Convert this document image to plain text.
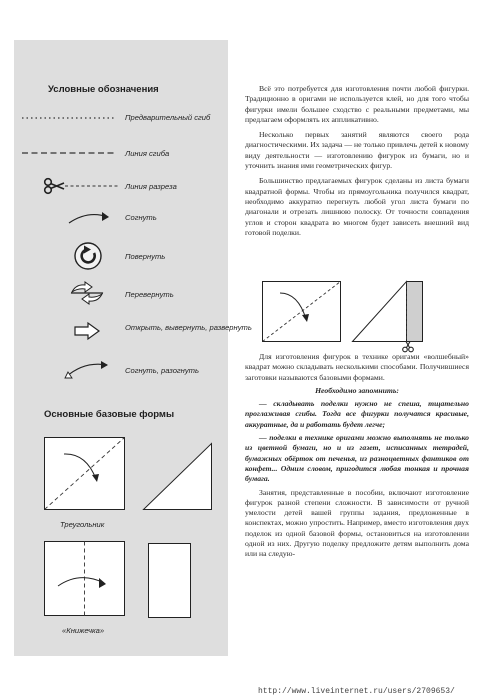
Условные обозначения
Предварительный сгиб
Линия сгиба
Линия разреза
Согнуть
Повернуть
Перевернуть
Открыть, вывернуть, развернуть
Согнуть, разогнуть
Основные базовые формы
Треугольник
«Книжечка»

Всё это потребуется для изготовления почти любой фигурки. Традиционно в оригами не используется клей, но для того чтобы фигурки имели большее сходство с реальными предметами, мы предлагаем оформлять их аппликативно.

Несколько первых занятий являются своего рода диагностическими. Их задача — не только привлечь детей к новому виду деятельности — изготовлению фигурок из бумаги, но и уточнить знания ими геометрических фигур.

Большинство предлагаемых фигурок сделаны из листа бумаги квадратной формы. Чтобы из прямоугольника получился квадрат, необходимо аккуратно перегнуть любой угол листа бумаги по диагонали и отрезать лишнюю полоску. От точности совпадения углов и сторон квадрата во многом будет зависеть внешний вид готовой поделки.

Для изготовления фигурок в технике оригами «волшебный» квадрат можно складывать несколькими способами. Получившиеся заготовки называются базовыми формами.

Необходимо запомнить:

— складывать поделки нужно не спеша, тщательно проглаживая сгибы. Тогда все фигурки получатся красивые, аккуратные, да и работать будет легче;

— поделки в технике оригами можно выполнять не только из цветной бумаги, но и из газет, исписанных тетрадей, бумажных обёрток от печенья, из разноцветных фантиков от конфет... Одним словом, пригодится любая тонкая и прочная бумага.

Занятия, представленные в пособии, включают изготовление фигурок разной степени сложности. В зависимости от ручной умелости детей вашей группы задания, предложенные в конспектах, можно упростить. Например, вместо изготовления двух поделок из одной базовой формы, остановиться на изготовлении одной из них. Другую поделку предложите детям выполнить дома или на следую-

http://www.liveinternet.ru/users/2709653/
